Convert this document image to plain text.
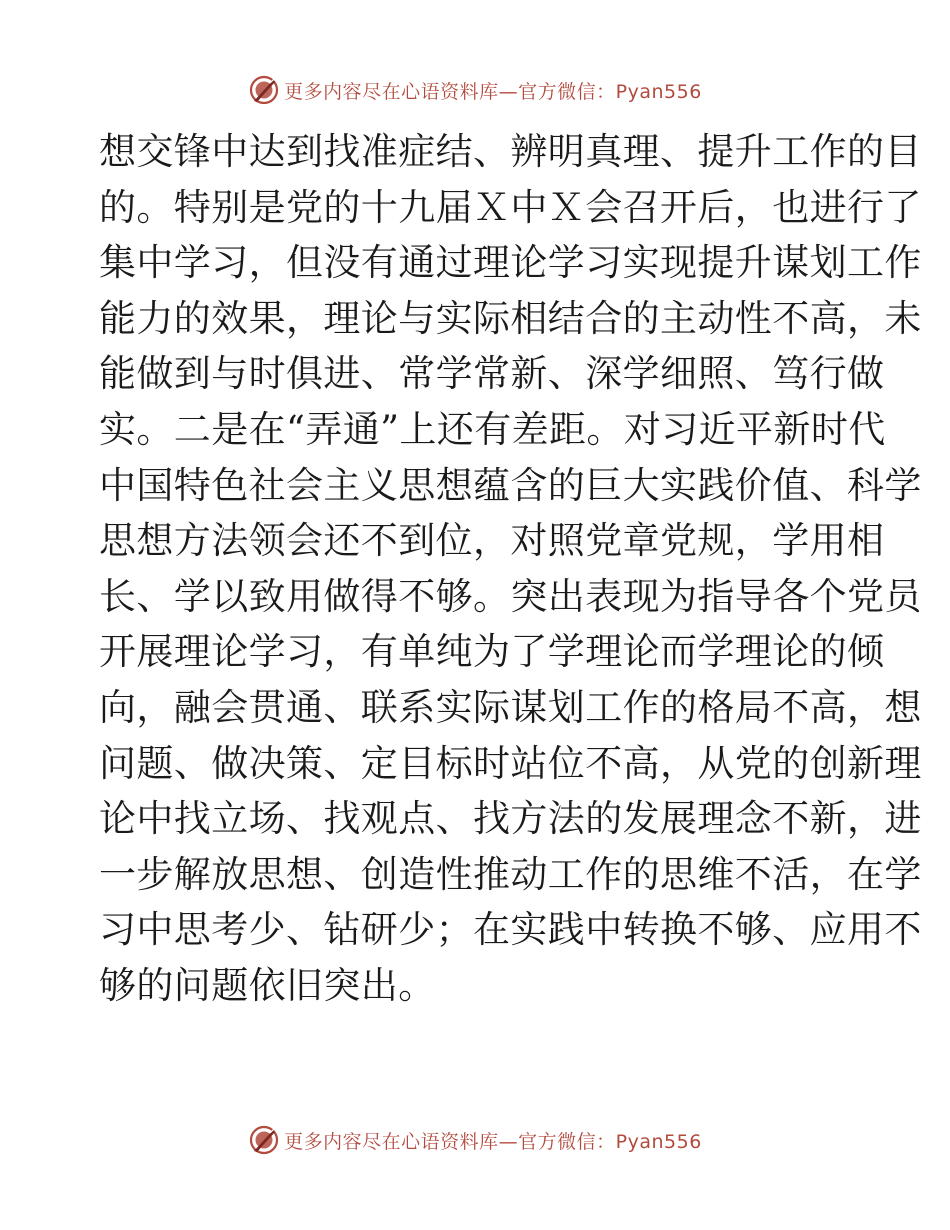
更多内容尽在心语资料库—官方微信：Pyan556
想交锋中达到找准症结、辨明真理、提升工作的目
的。特别是党的十九届Ｘ中Ｘ会召开后，也进行了
集中学习，但没有通过理论学习实现提升谋划工作
能力的效果，理论与实际相结合的主动性不高，未
能做到与时俱进、常学常新、深学细照、笃行做
实。二是在“弄通”上还有差距。对习近平新时代
中国特色社会主义思想蕴含的巨大实践价值、科学
思想方法领会还不到位，对照党章党规，学用相
长、学以致用做得不够。突出表现为指导各个党员
开展理论学习，有单纯为了学理论而学理论的倾
向，融会贯通、联系实际谋划工作的格局不高，想
问题、做决策、定目标时站位不高，从党的创新理
论中找立场、找观点、找方法的发展理念不新，进
一步解放思想、创造性推动工作的思维不活，在学
习中思考少、钻研少；在实践中转换不够、应用不
够的问题依旧突出。
更多内容尽在心语资料库—官方微信：Pyan556
